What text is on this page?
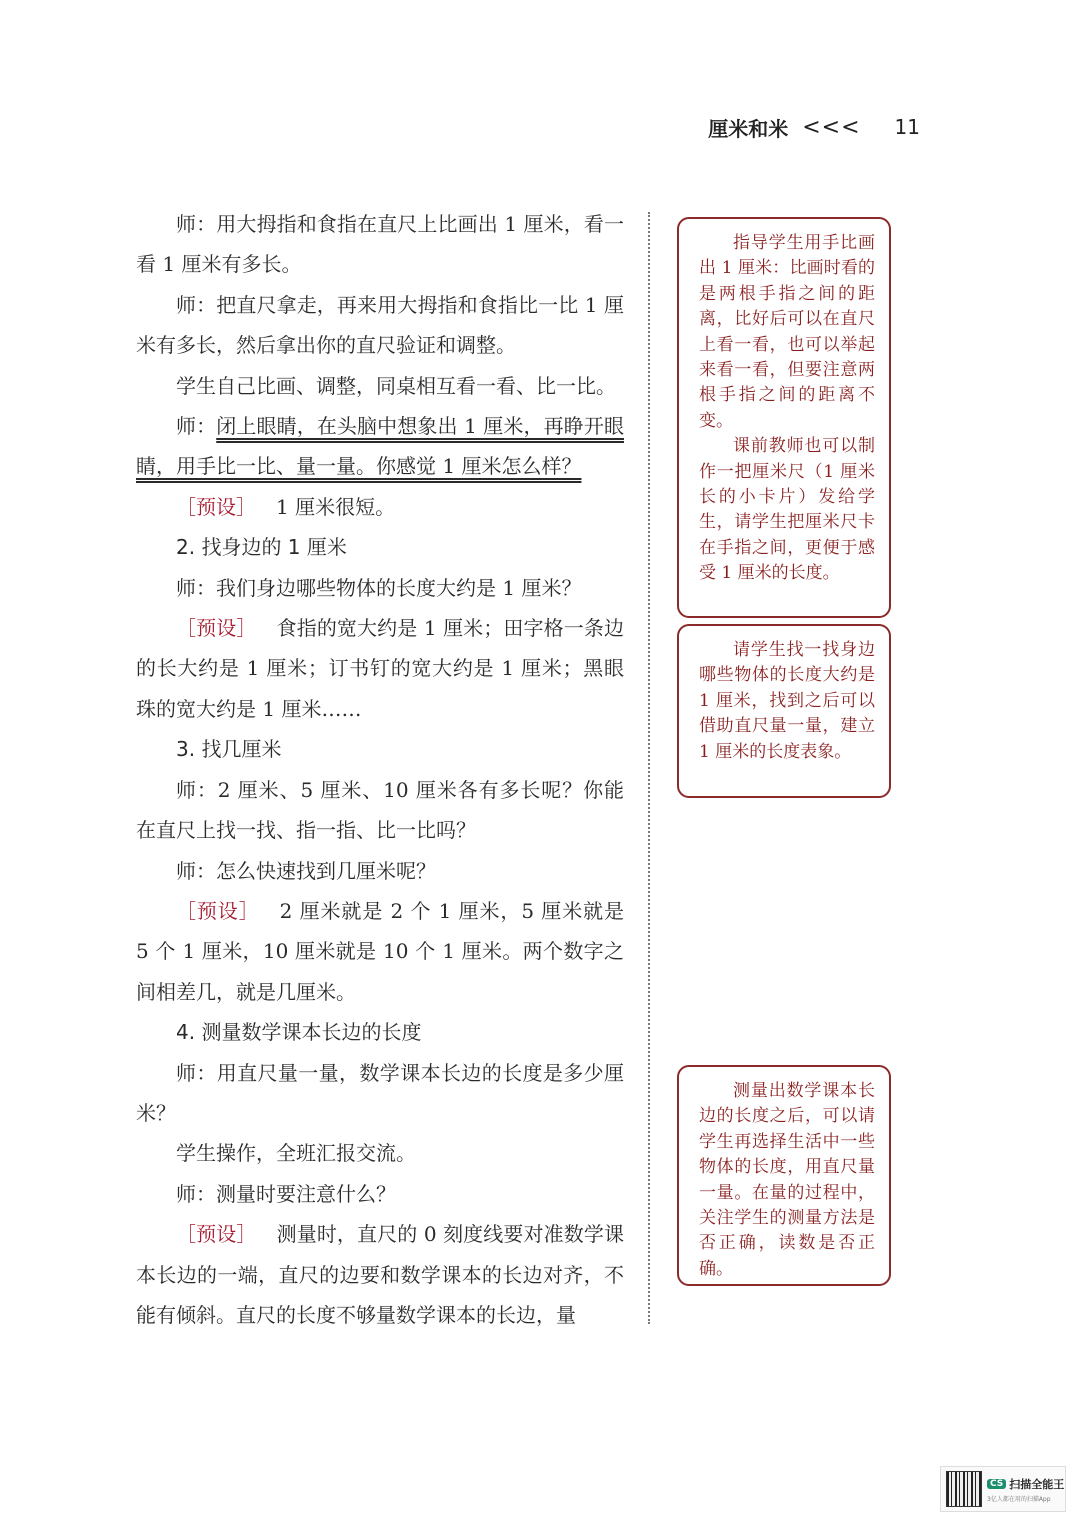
厘米和米 <<< 11

师：用大拇指和食指在直尺上比画出 1 厘米，看一看 1 厘米有多长。

师：把直尺拿走，再来用大拇指和食指比一比 1 厘米有多长，然后拿出你的直尺验证和调整。

学生自己比画、调整，同桌相互看一看、比一比。

师：闭上眼睛，在头脑中想象出 1 厘米，再睁开眼睛，用手比一比、量一量。你感觉 1 厘米怎么样？

［预设］  1 厘米很短。

2. 找身边的 1 厘米

师：我们身边哪些物体的长度大约是 1 厘米？

［预设］  食指的宽大约是 1 厘米；田字格一条边的长大约是 1 厘米；订书钉的宽大约是 1 厘米；黑眼珠的宽大约是 1 厘米……

3. 找几厘米

师：2 厘米、5 厘米、10 厘米各有多长呢？你能在直尺上找一找、指一指、比一比吗？

师：怎么快速找到几厘米呢？

［预设］  2 厘米就是 2 个 1 厘米，5 厘米就是 5 个 1 厘米，10 厘米就是 10 个 1 厘米。两个数字之间相差几，就是几厘米。

4. 测量数学课本长边的长度

师：用直尺量一量，数学课本长边的长度是多少厘米？

学生操作，全班汇报交流。

师：测量时要注意什么？

［预设］  测量时，直尺的 0 刻度线要对准数学课本长边的一端，直尺的边要和数学课本的长边对齐，不能有倾斜。直尺的长度不够量数学课本的长边，量

指导学生用手比画出 1 厘米：比画时看的是两根手指之间的距离，比好后可以在直尺上看一看，也可以举起来看一看，但要注意两根手指之间的距离不变。

课前教师也可以制作一把厘米尺（1 厘米长的小卡片）发给学生，请学生把厘米尺卡在手指之间，更便于感受 1 厘米的长度。

请学生找一找身边哪些物体的长度大约是 1 厘米，找到之后可以借助直尺量一量，建立 1 厘米的长度表象。

测量出数学课本长边的长度之后，可以请学生再选择生活中一些物体的长度，用直尺量一量。在量的过程中，关注学生的测量方法是否正确，读数是否正确。

CS 扫描全能王
3亿人都在用的扫描App
